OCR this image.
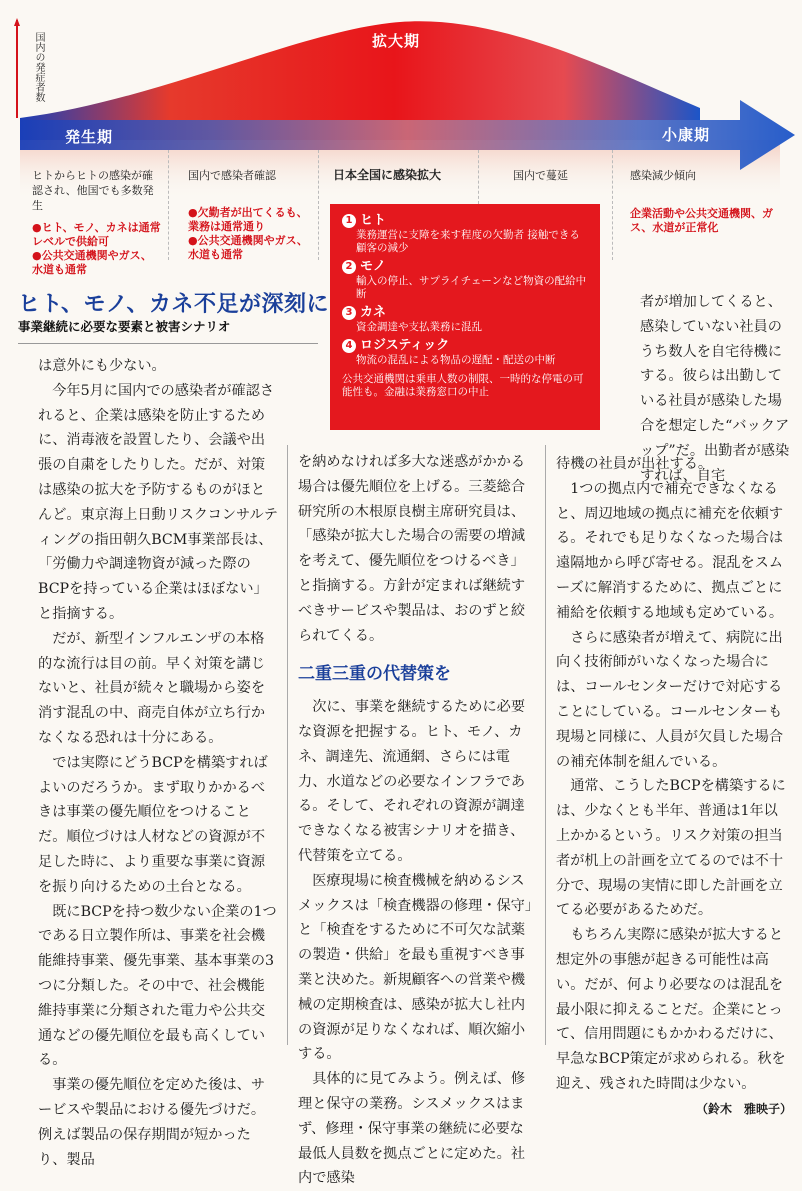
国内の発症者数
発生期
拡大期
小康期
ヒトからヒトの感染が確認され、他国でも多数発生
●ヒト、モノ、カネは通常レベルで供給可
●公共交通機関やガス、水道も通常
国内で感染者確認
●欠勤者が出てくるも、業務は通常通り
●公共交通機関やガス、水道も通常
日本全国に感染拡大	国内で蔓延	感染減少傾向
企業活動や公共交通機関、ガス、水道が正常化
1 ヒト
業務運営に支障を来す程度の欠勤者 接触できる顧客の減少
2 モノ
輸入の停止、サプライチェーンなど物資の配給中断
3 カネ
資金調達や支払業務に混乱
4 ロジスティック
物流の混乱による物品の遅配・配送の中断
公共交通機関は乗車人数の制限、一時的な停電の可能性も。金融は業務窓口の中止
ヒト、モノ、カネ不足が深刻に
事業継続に必要な要素と被害シナリオ

は意外にも少ない。

今年5月に国内での感染者が確認されると、企業は感染を防止するために、消毒液を設置したり、会議や出張の自粛をしたりした。だが、対策は感染の拡大を予防するものがほとんど。東京海上日動リスクコンサルティングの指田朝久BCM事業部長は、「労働力や調達物資が減った際のBCPを持っている企業はほぼない」と指摘する。

だが、新型インフルエンザの本格的な流行は目の前。早く対策を講じないと、社員が続々と職場から姿を消す混乱の中、商売自体が立ち行かなくなる恐れは十分にある。

では実際にどうBCPを構築すればよいのだろうか。まず取りかかるべきは事業の優先順位をつけることだ。順位づけは人材などの資源が不足した時に、より重要な事業に資源を振り向けるための土台となる。

既にBCPを持つ数少ない企業の1つである日立製作所は、事業を社会機能維持事業、優先事業、基本事業の3つに分類した。その中で、社会機能維持事業に分類された電力や公共交通などの優先順位を最も高くしている。

事業の優先順位を定めた後は、サービスや製品における優先づけだ。例えば製品の保存期間が短かったり、製品

を納めなければ多大な迷惑がかかる場合は優先順位を上げる。三菱総合研究所の木根原良樹主席研究員は、「感染が拡大した場合の需要の増減を考えて、優先順位をつけるべき」と指摘する。方針が定まれば継続すべきサービスや製品は、おのずと絞られてくる。

二重三重の代替策を

次に、事業を継続するために必要な資源を把握する。ヒト、モノ、カネ、調達先、流通網、さらには電力、水道などの必要なインフラである。そして、それぞれの資源が調達できなくなる被害シナリオを描き、代替策を立てる。

医療現場に検査機械を納めるシスメックスは「検査機器の修理・保守」と「検査をするために不可欠な試薬の製造・供給」を最も重視すべき事業と決めた。新規顧客への営業や機械の定期検査は、感染が拡大し社内の資源が足りなくなれば、順次縮小する。

具体的に見てみよう。例えば、修理と保守の業務。シスメックスはまず、修理・保守事業の継続に必要な最低人員数を拠点ごとに定めた。社内で感染

者が増加してくると、感染していない社員のうち数人を自宅待機にする。彼らは出勤している社員が感染した場合を想定した“バックアップ”だ。出勤者が感染すれば、自宅

待機の社員が出社する。

1つの拠点内で補充できなくなると、周辺地域の拠点に補充を依頼する。それでも足りなくなった場合は遠隔地から呼び寄せる。混乱をスムーズに解消するために、拠点ごとに補給を依頼する地域も定めている。

さらに感染者が増えて、病院に出向く技術師がいなくなった場合には、コールセンターだけで対応することにしている。コールセンターも現場と同様に、人員が欠員した場合の補充体制を組んでいる。

通常、こうしたBCPを構築するには、少なくとも半年、普通は1年以上かかるという。リスク対策の担当者が机上の計画を立てるのでは不十分で、現場の実情に即した計画を立てる必要があるためだ。

もちろん実際に感染が拡大すると想定外の事態が起きる可能性は高い。だが、何より必要なのは混乱を最小限に抑えることだ。企業にとって、信用問題にもかかわるだけに、早急なBCP策定が求められる。秋を迎え、残された時間は少ない。

（鈴木　雅映子）
